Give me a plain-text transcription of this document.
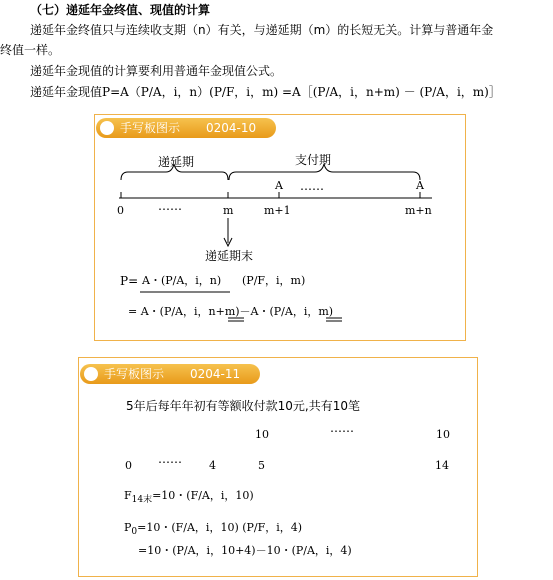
（七）递延年金终值、现值的计算
递延年金终值只与连续收支期（n）有关，与递延期（m）的长短无关。计算与普通年金
终值一样。
递延年金现值的计算要利用普通年金现值公式。
递延年金现值P=A（P/A，i，n）(P/F，i，m) =A［(P/A，i，n+m) － (P/A，i，m)］
手写板图示 0204-10
递延期	支付期
A ……	A
0	……	m	m+1	m+n
递延期末
P= A・(P/A，i，n) (P/F，i，m)
= A・(P/A，i，n+m)－A・(P/A，i，m)
手写板图示 0204-11
5年后每年年初有等额收付款10元,共有10笔
10	……	10
0 …… 4	5	14
$F_{14末}=10$・(F/A，i，10)
$P_0=10$・(F/A，i，10) (P/F，i，4)
=10・(P/A，i，10+4)－10・(P/A，i，4)
